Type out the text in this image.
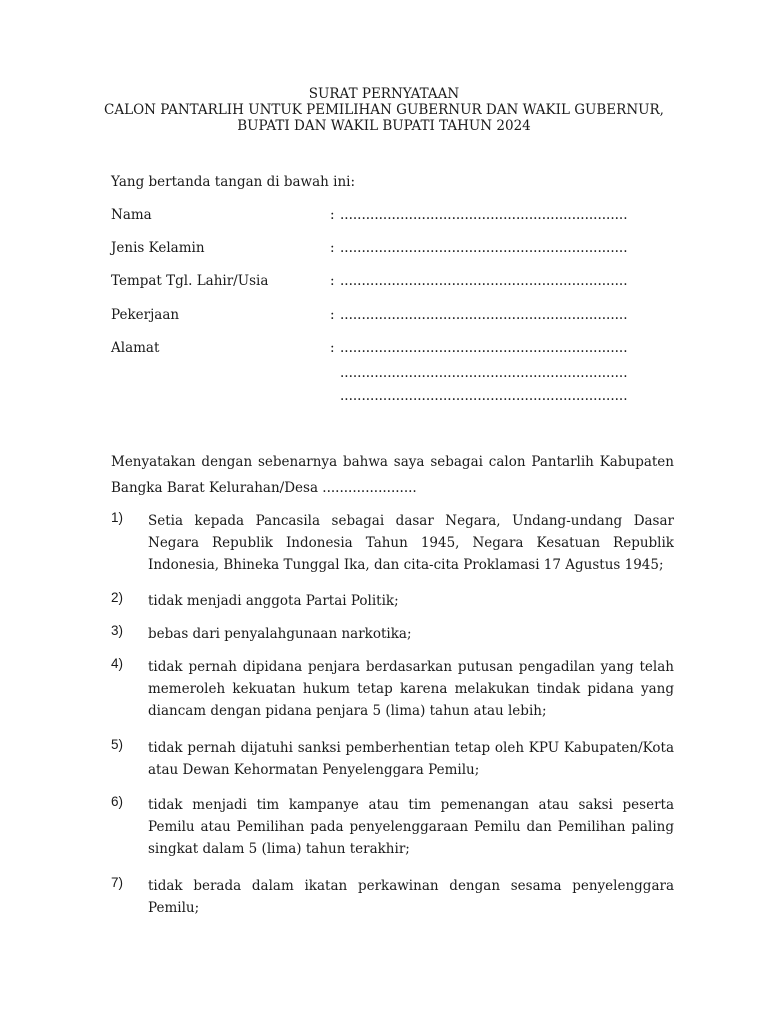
SURAT PERNYATAAN
CALON PANTARLIH UNTUK PEMILIHAN GUBERNUR DAN WAKIL GUBERNUR,
BUPATI DAN WAKIL BUPATI TAHUN 2024
Yang bertanda tangan di bawah ini:
Nama	: ...................................................................
Jenis Kelamin	: ...................................................................
Tempat Tgl. Lahir/Usia	: ...................................................................
Pekerjaan	: ...................................................................
Alamat	: ...................................................................
...................................................................
...................................................................
Menyatakan dengan sebenarnya bahwa saya sebagai calon Pantarlih Kabupaten Bangka Barat Kelurahan/Desa ......................
1) Setia kepada Pancasila sebagai dasar Negara, Undang-undang Dasar Negara Republik Indonesia Tahun 1945, Negara Kesatuan Republik Indonesia, Bhineka Tunggal Ika, dan cita-cita Proklamasi 17 Agustus 1945;
2) tidak menjadi anggota Partai Politik;
3) bebas dari penyalahgunaan narkotika;
4) tidak pernah dipidana penjara berdasarkan putusan pengadilan yang telah memeroleh kekuatan hukum tetap karena melakukan tindak pidana yang diancam dengan pidana penjara 5 (lima) tahun atau lebih;
5) tidak pernah dijatuhi sanksi pemberhentian tetap oleh KPU Kabupaten/Kota atau Dewan Kehormatan Penyelenggara Pemilu;
6) tidak menjadi tim kampanye atau tim pemenangan atau saksi peserta Pemilu atau Pemilihan pada penyelenggaraan Pemilu dan Pemilihan paling singkat dalam 5 (lima) tahun terakhir;
7) tidak berada dalam ikatan perkawinan dengan sesama penyelenggara Pemilu;
